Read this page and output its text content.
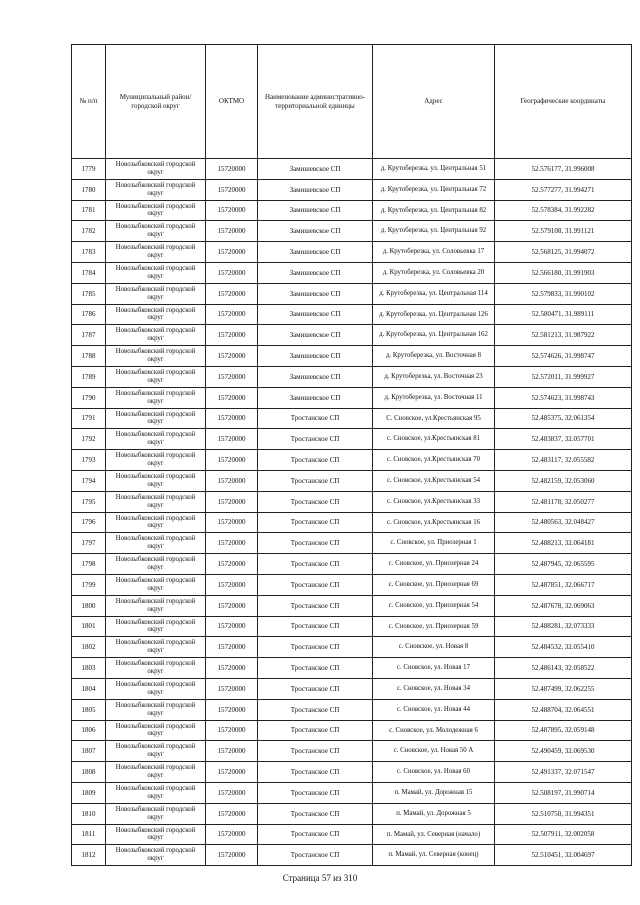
№ п/п	Муниципальный район/городской округ	ОКТМО	Наименование административно-территориальной единицы	Адрес	Географические координаты
1779	Новозыбковский городской округ	15720000	Замишевское СП	д. Крутоберезка, ул. Центральная 51	52.576177, 31.996008
1780	Новозыбковский городской округ	15720000	Замишевское СП	д. Крутоберезка, ул. Центральная 72	52.577277, 31.994271
1781	Новозыбковский городской округ	15720000	Замишевское СП	д. Крутоберезка, ул. Центральная 82	52.578384, 31.992282
1782	Новозыбковский городской округ	15720000	Замишевское СП	д. Крутоберезка, ул. Центральная 92	52.579108, 31.991121
1783	Новозыбковский городской округ	15720000	Замишевское СП	д. Крутоберезка, ул. Соловьевка 17	52.568125, 31.994072
1784	Новозыбковский городской округ	15720000	Замишевское СП	д. Крутоберезка, ул. Соловьевка 20	52.566180, 31.991903
1785	Новозыбковский городской округ	15720000	Замишевское СП	д. Крутоберезка, ул. Центральная 114	52.579833, 31.990102
1786	Новозыбковский городской округ	15720000	Замишевское СП	д. Крутоберезка, ул. Центральная 126	52.580471, 31.989111
1787	Новозыбковский городской округ	15720000	Замишевское СП	д. Крутоберезка, ул. Центральная 162	52.581213, 31.987922
1788	Новозыбковский городской округ	15720000	Замишевское СП	д. Крутоберезка, ул. Восточная 8	52.574626, 31.998747
1789	Новозыбковский городской округ	15720000	Замишевское СП	д. Крутоберезка, ул. Восточная 23	52.572011, 31.999927
1790	Новозыбковский городской округ	15720000	Замишевское СП	д. Крутоберезка, ул. Восточная 11	52.574623, 31.998743
1791	Новозыбковский городской округ	15720000	Тростанское СП	С. Сновское, ул.Крестьянская 95	52.485375, 32.061354
1792	Новозыбковский городской округ	15720000	Тростанское СП	с. Сновское, ул.Крестьянская 81	52.483837, 32.057701
1793	Новозыбковский городской округ	15720000	Тростанское СП	с. Сновское, ул.Крестьянская 70	52.483117, 32.055582
1794	Новозыбковский городской округ	15720000	Тростанское СП	с. Сновское, ул.Крестьянская 54	52.482159, 32.053060
1795	Новозыбковский городской округ	15720000	Тростанское СП	с. Сновское, ул.Крестьянская 33	52.481178, 32.050277
1796	Новозыбковский городской округ	15720000	Тростанское СП	с. Сновское, ул.Крестьянская 16	52.480563, 32.048427
1797	Новозыбковский городской округ	15720000	Тростанское СП	с. Сновское, ул. Приозерная 1	52.488213, 32.064181
1798	Новозыбковский городской округ	15720000	Тростанское СП	с. Сновское, ул. Приозерная 24	52.487945, 32.065595
1799	Новозыбковский городской округ	15720000	Тростанское СП	с. Сновское, ул. Приозерная 69	52.487851, 32.066717
1800	Новозыбковский городской округ	15720000	Тростанское СП	с. Сновское, ул. Приозерная 54	52.487678, 32.069063
1801	Новозыбковский городской округ	15720000	Тростанское СП	с. Сновское, ул. Приозерная 59	52.488281, 32.073333
1802	Новозыбковский городской округ	15720000	Тростанское СП	с. Сновское, ул. Новая 8	52.484532, 32.055410
1803	Новозыбковский городской округ	15720000	Тростанское СП	с. Сновское, ул. Новая 17	52.486143, 32.058522
1804	Новозыбковский городской округ	15720000	Тростанское СП	с. Сновское, ул. Новая 34	52.487499, 32.062255
1805	Новозыбковский городской округ	15720000	Тростанское СП	с. Сновское, ул. Новая 44	52.488704, 32.064551
1806	Новозыбковский городской округ	15720000	Тростанское СП	с. Сновское, ул. Молодежная 6	52.487895, 32.059148
1807	Новозыбковский городской округ	15720000	Тростанское СП	с. Сновское, ул. Новая 50 А	52.490459, 32.069530
1808	Новозыбковский городской округ	15720000	Тростанское СП	с. Сновское, ул. Новая 60	52.491337, 32.071547
1809	Новозыбковский городской округ	15720000	Тростанское СП	п. Мамай, ул. Дорожная 15	52.508197, 31.990714
1810	Новозыбковский городской округ	15720000	Тростанское СП	п. Мамай, ул. Дорожная 5	52.510750, 31.994351
1811	Новозыбковский городской округ	15720000	Тростанское СП	п. Мамай, ул. Северная (начало)	52.507911, 32.002058
1812	Новозыбковский городской округ	15720000	Тростанское СП	п. Мамай, ул. Северная (конец)	52.510451, 32.004697
Страница 57 из 310
